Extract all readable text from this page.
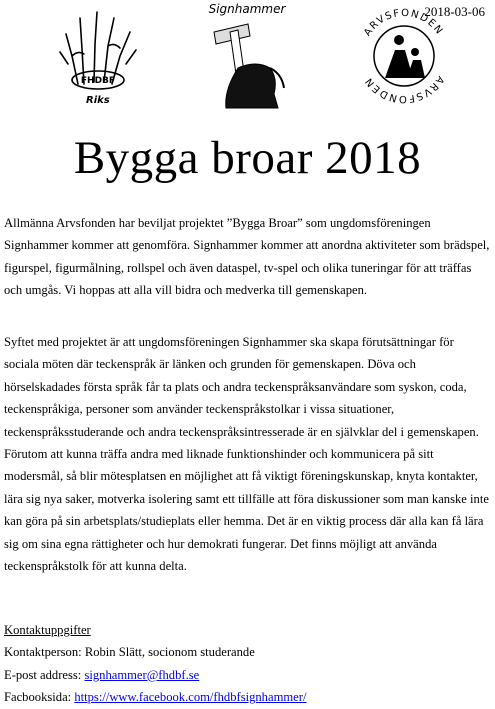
FHDBF
Riks
Signhammer
ARVSFONDEN
ARVSFONDEN
2018-03-06
Bygga broar 2018

Allmänna Arvsfonden har beviljat projektet ”Bygga Broar” som ungdomsföreningen Signhammer kommer att genomföra. Signhammer kommer att anordna aktiviteter som brädspel, figurspel, figurmålning, rollspel och även dataspel, tv-spel och olika tuneringar för att träffas och umgås. Vi hoppas att alla vill bidra och medverka till gemenskapen.

Syftet med projektet är att ungdomsföreningen Signhammer ska skapa förutsättningar för sociala möten där teckenspråk är länken och grunden för gemenskapen. Döva och hörselskadades första språk får ta plats och andra teckenspråksanvändare som syskon, coda, teckenspråkiga, personer som använder teckenspråkstolkar i vissa situationer, teckenspråksstuderande och andra teckenspråksintresserade är en självklar del i gemenskapen. Förutom att kunna träffa andra med liknade funktionshinder och kommunicera på sitt modersmål, så blir mötesplatsen en möjlighet att få viktigt föreningskunskap, knyta kontakter, lära sig nya saker, motverka isolering samt ett tillfälle att föra diskussioner som man kanske inte kan göra på sin arbetsplats/studieplats eller hemma. Det är en viktig process där alla kan få lära sig om sina egna rättigheter och hur demokrati fungerar. Det finns möjligt att använda teckenspråkstolk för att kunna delta.

Kontaktuppgifter
Kontaktperson: Robin Slätt, socionom studerande
E-post address: signhammer@fhdbf.se
Facbooksida: https://www.facebook.com/fhdbfsignhammer/
